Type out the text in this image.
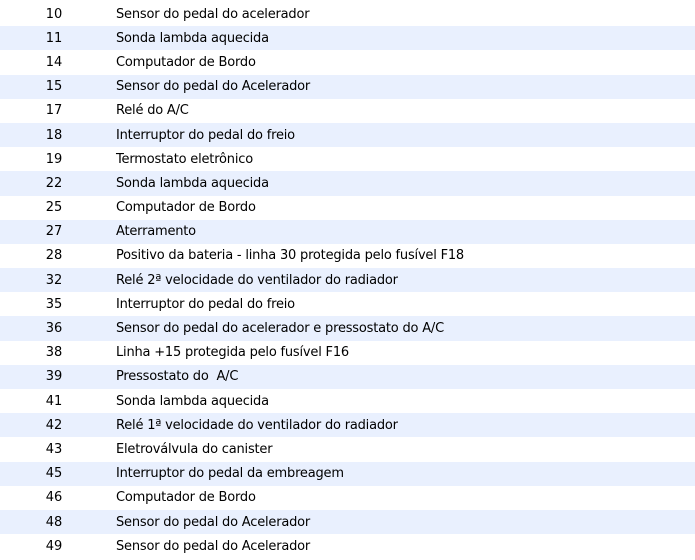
10	Sensor do pedal do acelerador
11	Sonda lambda aquecida
14	Computador de Bordo
15	Sensor do pedal do Acelerador
17	Relé do A/C
18	Interruptor do pedal do freio
19	Termostato eletrônico
22	Sonda lambda aquecida
25	Computador de Bordo
27	Aterramento
28	Positivo da bateria - linha 30 protegida pelo fusível F18
32	Relé 2ª velocidade do ventilador do radiador
35	Interruptor do pedal do freio
36	Sensor do pedal do acelerador e pressostato do A/C
38	Linha +15 protegida pelo fusível F16
39	Pressostato do  A/C
41	Sonda lambda aquecida
42	Relé 1ª velocidade do ventilador do radiador
43	Eletroválvula do canister
45	Interruptor do pedal da embreagem
46	Computador de Bordo
48	Sensor do pedal do Acelerador
49	Sensor do pedal do Acelerador
